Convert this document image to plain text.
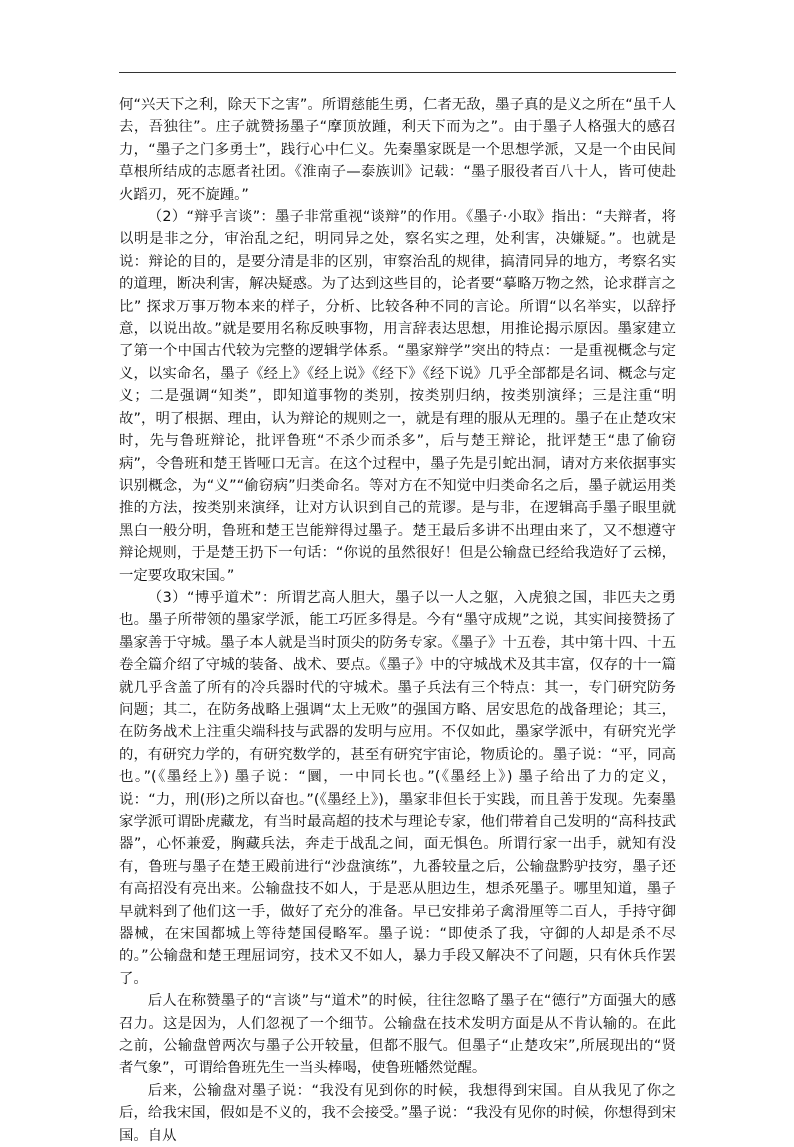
何“兴天下之利，除天下之害”。所谓慈能生勇，仁者无敌，墨子真的是义之所在“虽千人去，吾独往”。庄子就赞扬墨子“摩顶放踵，利天下而为之”。由于墨子人格强大的感召力，“墨子之门多勇士”，践行心中仁义。先秦墨家既是一个思想学派，又是一个由民间草根所结成的志愿者社团。《淮南子—泰族训》记载：“墨子服役者百八十人，皆可使赴火蹈刃，死不旋踵。”

（2）“辩乎言谈”：墨子非常重视“谈辩”的作用。《墨子·小取》指出：“夫辩者，将以明是非之分，审治乱之纪，明同异之处，察名实之理，处利害，决嫌疑。”。也就是说：辩论的目的，是要分清是非的区别，审察治乱的规律，搞清同异的地方，考察名实的道理，断决利害，解决疑惑。为了达到这些目的，论者要“摹略万物之然，论求群言之比” 探求万事万物本来的样子，分析、比较各种不同的言论。所谓“以名举实，以辞抒意，以说出故。”就是要用名称反映事物，用言辞表达思想，用推论揭示原因。墨家建立了第一个中国古代较为完整的逻辑学体系。“墨家辩学”突出的特点：一是重视概念与定义，以实命名，墨子《经上》《经上说》《经下》《经下说》几乎全部都是名词、概念与定义；二是强调“知类”，即知道事物的类别，按类别归纳，按类别演绎；三是注重“明故”，明了根据、理由，认为辩论的规则之一，就是有理的服从无理的。墨子在止楚攻宋时，先与鲁班辩论，批评鲁班“不杀少而杀多”，后与楚王辩论，批评楚王“患了偷窃病”，令鲁班和楚王皆哑口无言。在这个过程中，墨子先是引蛇出洞，请对方来依据事实识别概念，为“义”“偷窃病”归类命名。等对方在不知觉中归类命名之后，墨子就运用类推的方法，按类别来演绎，让对方认识到自己的荒谬。是与非，在逻辑高手墨子眼里就黑白一般分明，鲁班和楚王岂能辩得过墨子。楚王最后多讲不出理由来了，又不想遵守辩论规则，于是楚王扔下一句话：“你说的虽然很好！但是公输盘已经给我造好了云梯，一定要攻取宋国。”

（3）“博乎道术”：所谓艺高人胆大，墨子以一人之躯，入虎狼之国，非匹夫之勇也。墨子所带领的墨家学派，能工巧匠多得是。今有“墨守成规”之说，其实间接赞扬了墨家善于守城。墨子本人就是当时顶尖的防务专家。《墨子》十五卷，其中第十四、十五卷全篇介绍了守城的装备、战术、要点。《墨子》中的守城战术及其丰富，仅存的十一篇就几乎含盖了所有的冷兵器时代的守城术。墨子兵法有三个特点：其一，专门研究防务问题；其二，在防务战略上强调“太上无败”的强国方略、居安思危的战备理论；其三，在防务战术上注重尖端科技与武器的发明与应用。不仅如此，墨家学派中，有研究光学的，有研究力学的，有研究数学的，甚至有研究宇宙论，物质论的。墨子说：“平，同高也。”(《墨经上》) 墨子说：“圜，一中同长也。”(《墨经上》) 墨子给出了力的定义，说：“力，刑(形)之所以奋也。”(《墨经上》)，墨家非但长于实践，而且善于发现。先秦墨家学派可谓卧虎藏龙，有当时最高超的技术与理论专家，他们带着自己发明的“高科技武器”，心怀兼爱，胸藏兵法，奔走于战乱之间，面无惧色。所谓行家一出手，就知有没有，鲁班与墨子在楚王殿前进行“沙盘演练”，九番较量之后，公输盘黔驴技穷，墨子还有高招没有亮出来。公输盘技不如人，于是恶从胆边生，想杀死墨子。哪里知道，墨子早就料到了他们这一手，做好了充分的准备。早已安排弟子禽滑厘等二百人，手持守御器械，在宋国都城上等待楚国侵略军。墨子说：“即使杀了我，守御的人却是杀不尽的。”公输盘和楚王理屈词穷，技术又不如人，暴力手段又解决不了问题，只有休兵作罢了。

后人在称赞墨子的“言谈”与“道术”的时候，往往忽略了墨子在“德行”方面强大的感召力。这是因为，人们忽视了一个细节。公输盘在技术发明方面是从不肯认输的。在此之前，公输盘曾两次与墨子公开较量，但都不服气。但墨子“止楚攻宋”,所展现出的“贤者气象”，可谓给鲁班先生一当头棒喝，使鲁班幡然觉醒。

后来，公输盘对墨子说：“我没有见到你的时候，我想得到宋国。自从我见了你之后，给我宋国，假如是不义的，我不会接受。”墨子说：“我没有见你的时候，你想得到宋国。自从
